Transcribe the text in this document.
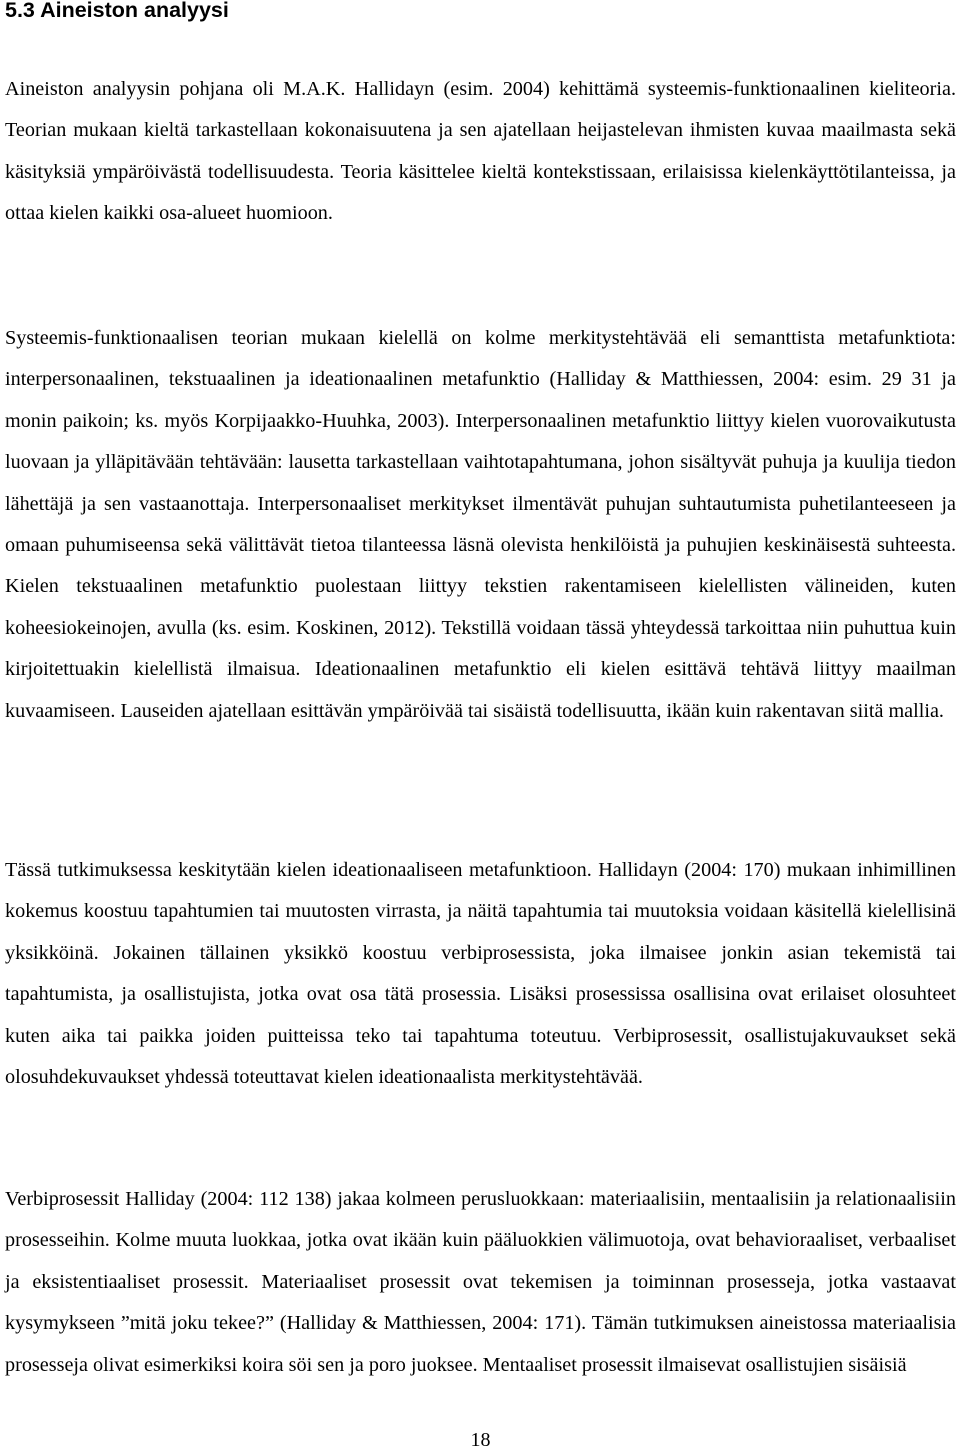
5.3 Aineiston analyysi

Aineiston analyysin pohjana oli M.A.K. Hallidayn (esim. 2004) kehittämä systeemis-funktionaalinen kieliteoria. Teorian mukaan kieltä tarkastellaan kokonaisuutena ja sen ajatellaan heijastelevan ihmisten kuvaa maailmasta sekä käsityksiä ympäröivästä todellisuudesta. Teoria käsittelee kieltä kontekstissaan, erilaisissa kielenkäyttötilanteissa, ja ottaa kielen kaikki osa-alueet huomioon.

Systeemis-funktionaalisen teorian mukaan kielellä on kolme merkitystehtävää eli semanttista metafunktiota: interpersonaalinen, tekstuaalinen ja ideationaalinen metafunktio (Halliday & Matthiessen, 2004: esim. 29 31 ja monin paikoin; ks. myös Korpijaakko-Huuhka, 2003). Interpersonaalinen metafunktio liittyy kielen vuorovaikutusta luovaan ja ylläpitävään tehtävään: lausetta tarkastellaan vaihtotapahtumana, johon sisältyvät puhuja ja kuulija tiedon lähettäjä ja sen vastaanottaja. Interpersonaaliset merkitykset ilmentävät puhujan suhtautumista puhetilanteeseen ja omaan puhumiseensa sekä välittävät tietoa tilanteessa läsnä olevista henkilöistä ja puhujien keskinäisestä suhteesta. Kielen tekstuaalinen metafunktio puolestaan liittyy tekstien rakentamiseen kielellisten välineiden, kuten koheesiokeinojen, avulla (ks. esim. Koskinen, 2012). Tekstillä voidaan tässä yhteydessä tarkoittaa niin puhuttua kuin kirjoitettuakin kielellistä ilmaisua. Ideationaalinen metafunktio eli kielen esittävä tehtävä liittyy maailman kuvaamiseen. Lauseiden ajatellaan esittävän ympäröivää tai sisäistä todellisuutta, ikään kuin rakentavan siitä mallia.

Tässä tutkimuksessa keskitytään kielen ideationaaliseen metafunktioon. Hallidayn (2004: 170) mukaan inhimillinen kokemus koostuu tapahtumien tai muutosten virrasta, ja näitä tapahtumia tai muutoksia voidaan käsitellä kielellisinä yksikköinä. Jokainen tällainen yksikkö koostuu verbiprosessista, joka ilmaisee jonkin asian tekemistä tai tapahtumista, ja osallistujista, jotka ovat osa tätä prosessia. Lisäksi prosessissa osallisina ovat erilaiset olosuhteet kuten aika tai paikka joiden puitteissa teko tai tapahtuma toteutuu. Verbiprosessit, osallistujakuvaukset sekä olosuhdekuvaukset yhdessä toteuttavat kielen ideationaalista merkitystehtävää.

Verbiprosessit Halliday (2004: 112 138) jakaa kolmeen perusluokkaan: materiaalisiin, mentaalisiin ja relationaalisiin prosesseihin. Kolme muuta luokkaa, jotka ovat ikään kuin pääluokkien välimuotoja, ovat behavioraaliset, verbaaliset ja eksistentiaaliset prosessit. Materiaaliset prosessit ovat tekemisen ja toiminnan prosesseja, jotka vastaavat kysymykseen ”mitä joku tekee?” (Halliday & Matthiessen, 2004: 171). Tämän tutkimuksen aineistossa materiaalisia prosesseja olivat esimerkiksi koira söi sen ja poro juoksee. Mentaaliset prosessit ilmaisevat osallistujien sisäisiä

18
